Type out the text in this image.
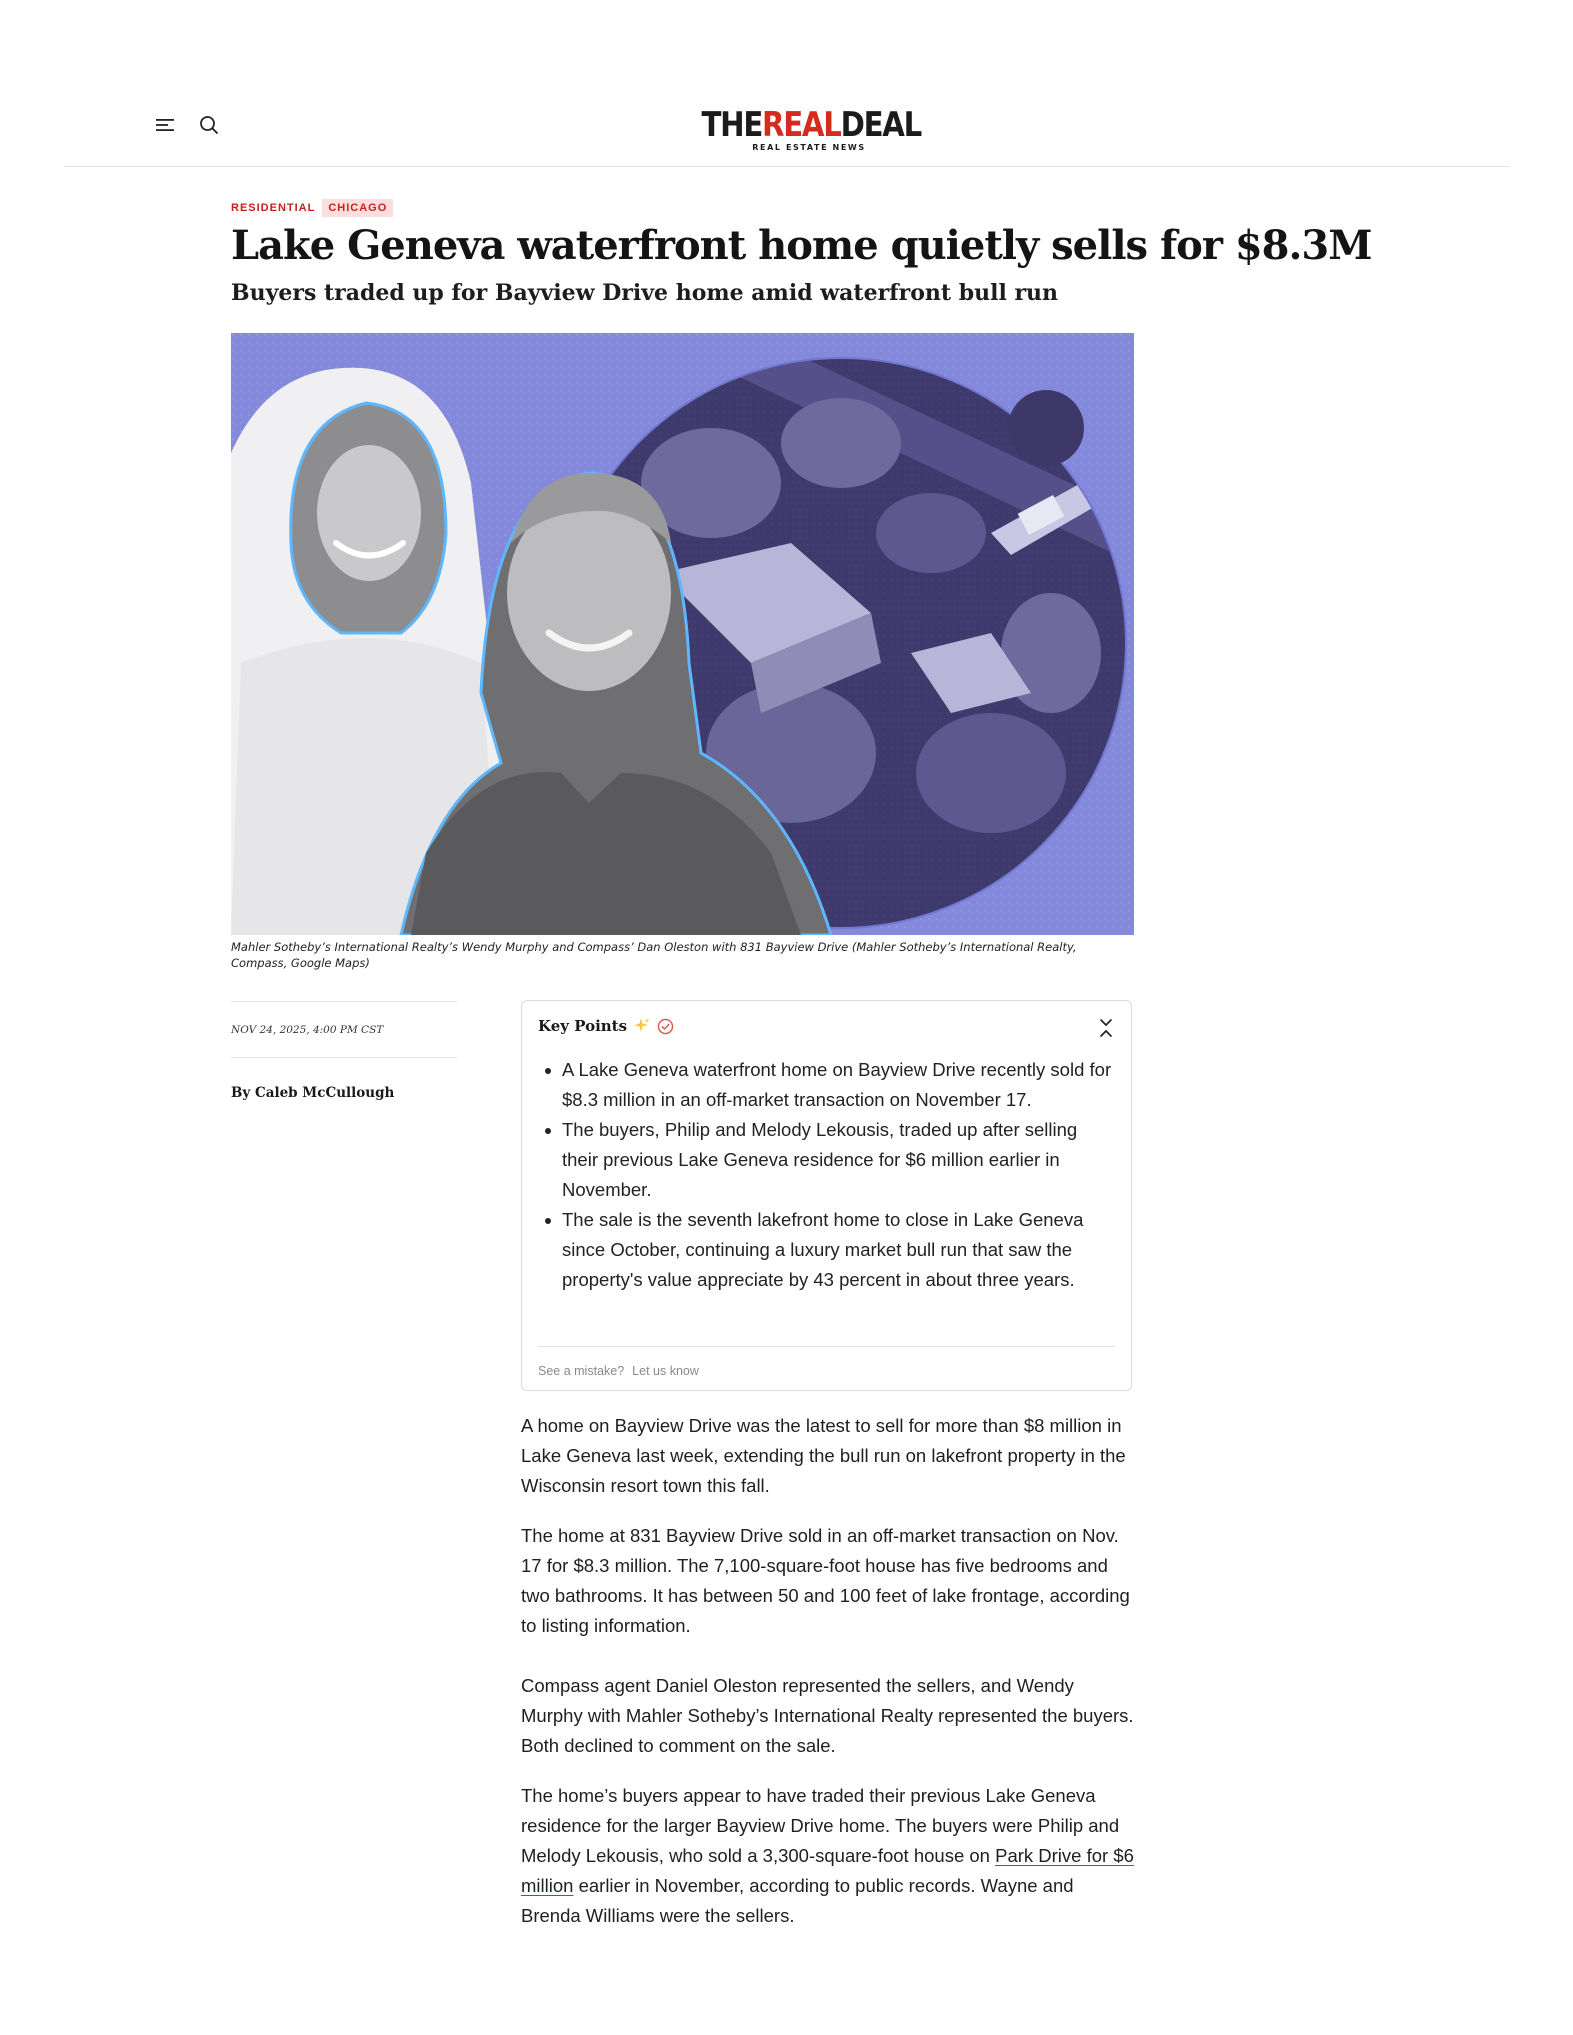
THEREALDEAL
REAL ESTATE NEWS
RESIDENTIAL	CHICAGO
Lake Geneva waterfront home quietly sells for $8.3M
Buyers traded up for Bayview Drive home amid waterfront bull run
Mahler Sotheby’s International Realty’s Wendy Murphy and Compass’ Dan Oleston with 831 Bayview Drive (Mahler Sotheby’s International Realty, Compass, Google Maps)
NOV 24, 2025, 4:00 PM CST
By Caleb McCullough
Key Points
A Lake Geneva waterfront home on Bayview Drive recently sold for $8.3 million in an off-market transaction on November 17.
The buyers, Philip and Melody Lekousis, traded up after selling their previous Lake Geneva residence for $6 million earlier in November.
The sale is the seventh lakefront home to close in Lake Geneva since October, continuing a luxury market bull run that saw the property's value appreciate by 43 percent in about three years.
See a mistake? Let us know

A home on Bayview Drive was the latest to sell for more than $8 million in Lake Geneva last week, extending the bull run on lakefront property in the Wisconsin resort town this fall.

The home at 831 Bayview Drive sold in an off-market transaction on Nov. 17 for $8.3 million. The 7,100-square-foot house has five bedrooms and two bathrooms. It has between 50 and 100 feet of lake frontage, according to listing information.

Compass agent Daniel Oleston represented the sellers, and Wendy Murphy with Mahler Sotheby’s International Realty represented the buyers. Both declined to comment on the sale.

The home’s buyers appear to have traded their previous Lake Geneva residence for the larger Bayview Drive home. The buyers were Philip and Melody Lekousis, who sold a 3,300-square-foot house on Park Drive for $6 million earlier in November, according to public records. Wayne and Brenda Williams were the sellers.
